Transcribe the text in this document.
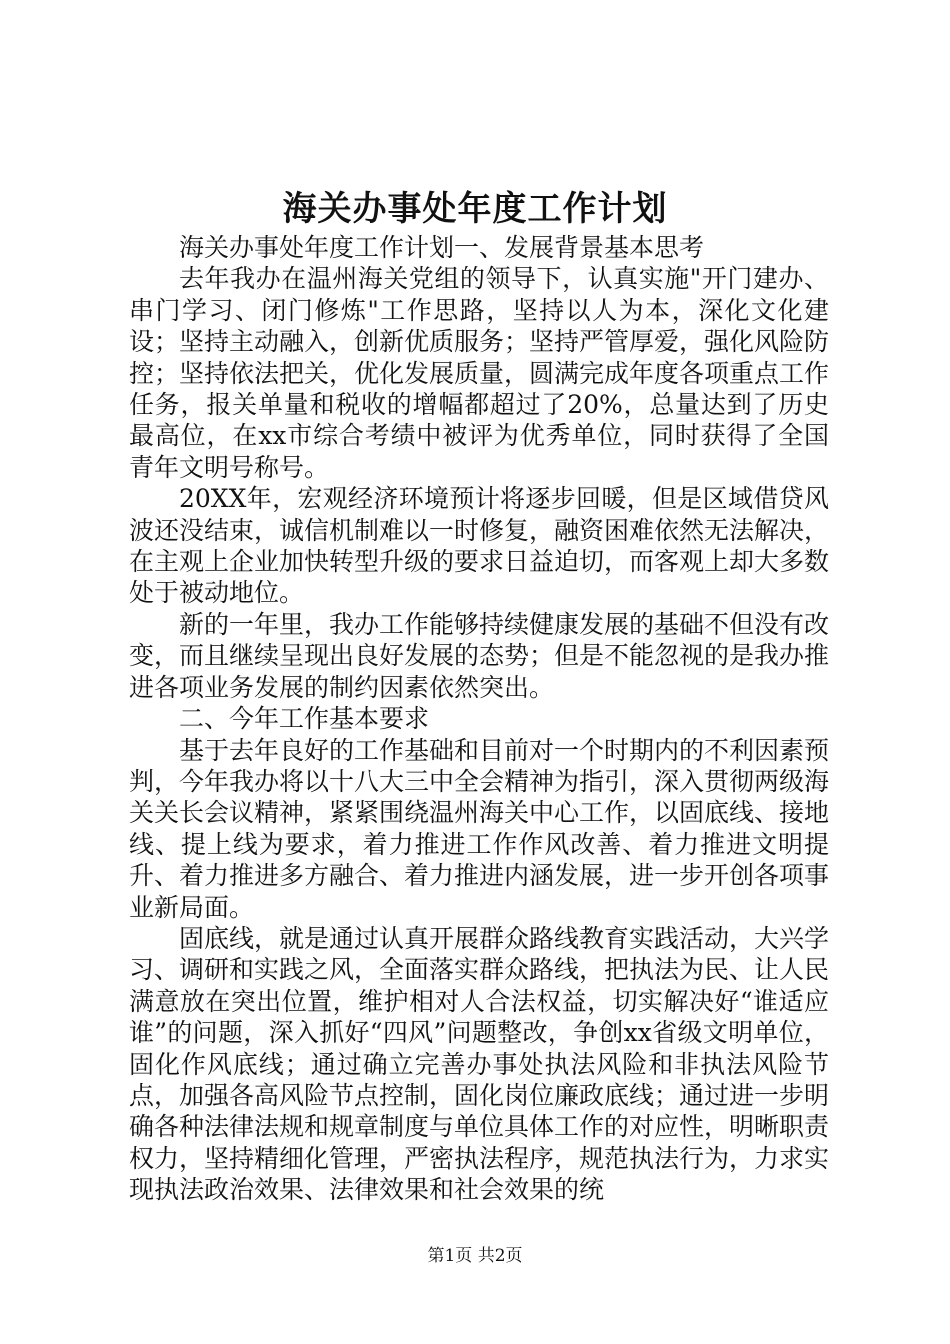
海关办事处年度工作计划

海关办事处年度工作计划一、发展背景基本思考

去年我办在温州海关党组的领导下，认真实施"开门建办、串门学习、闭门修炼"工作思路，坚持以人为本，深化文化建设；坚持主动融入，创新优质服务；坚持严管厚爱，强化风险防控；坚持依法把关，优化发展质量，圆满完成年度各项重点工作任务，报关单量和税收的增幅都超过了20%，总量达到了历史最高位，在xx市综合考绩中被评为优秀单位，同时获得了全国青年文明号称号。

20XX年，宏观经济环境预计将逐步回暖，但是区域借贷风波还没结束，诚信机制难以一时修复，融资困难依然无法解决，在主观上企业加快转型升级的要求日益迫切，而客观上却大多数处于被动地位。

新的一年里，我办工作能够持续健康发展的基础不但没有改变，而且继续呈现出良好发展的态势；但是不能忽视的是我办推进各项业务发展的制约因素依然突出。

二、今年工作基本要求

基于去年良好的工作基础和目前对一个时期内的不利因素预判，今年我办将以十八大三中全会精神为指引，深入贯彻两级海关关长会议精神，紧紧围绕温州海关中心工作，以固底线、接地线、提上线为要求，着力推进工作作风改善、着力推进文明提升、着力推进多方融合、着力推进内涵发展，进一步开创各项事业新局面。

固底线，就是通过认真开展群众路线教育实践活动，大兴学习、调研和实践之风，全面落实群众路线，把执法为民、让人民满意放在突出位置，维护相对人合法权益，切实解决好“谁适应谁”的问题，深入抓好“四风”问题整改，争创xx省级文明单位，固化作风底线；通过确立完善办事处执法风险和非执法风险节点，加强各高风险节点控制，固化岗位廉政底线；通过进一步明确各种法律法规和规章制度与单位具体工作的对应性，明晰职责权力，坚持精细化管理，严密执法程序，规范执法行为，力求实现执法政治效果、法律效果和社会效果的统

第1页 共2页
